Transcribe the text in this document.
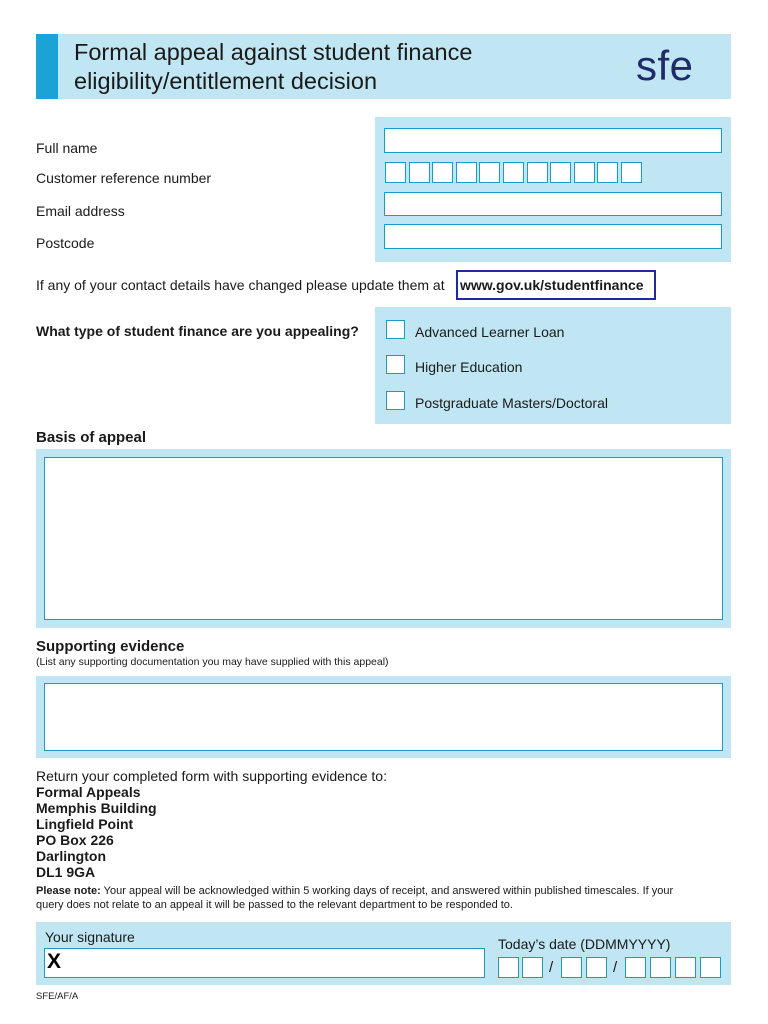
Formal appeal against student finance
eligibility/entitlement decision	sfe
Full name
Customer reference number
Email address
Postcode
If any of your contact details have changed please update them at www.gov.uk/studentfinance
What type of student finance are you appealing?	Advanced Learner Loan
Higher Education
Postgraduate Masters/Doctoral
Basis of appeal
Supporting evidence
(List any supporting documentation you may have supplied with this appeal)
Return your completed form with supporting evidence to:
Formal Appeals
Memphis Building
Lingfield Point
PO Box 226
Darlington
DL1 9GA
Please note: Your appeal will be acknowledged within 5 working days of receipt, and answered within published timescales. If your
query does not relate to an appeal it will be passed to the relevant department to be responded to.
Your signature
X
Today’s date (DDMMYYYY)
/	/
SFE/AF/A
